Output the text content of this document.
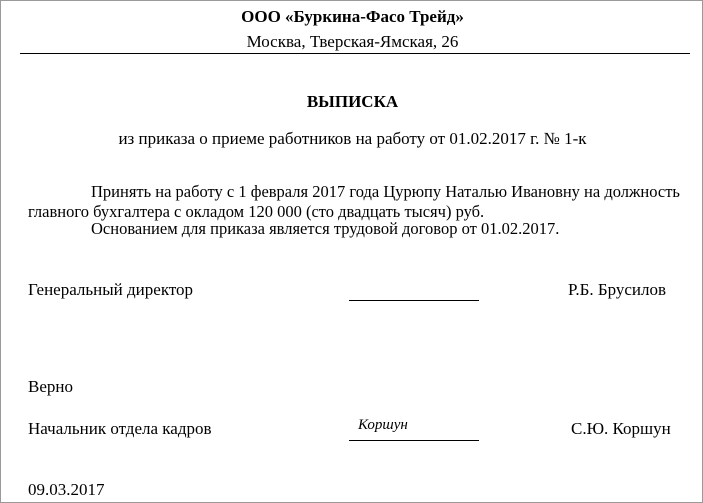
ООО «Буркина-Фасо Трейд»
Москва, Тверская-Ямская, 26
ВЫПИСКА
из приказа о приеме работников на работу от 01.02.2017 г. № 1-к
Принять на работу с 1 февраля 2017 года Цурюпу Наталью Ивановну на должность
главного бухгалтера с окладом 120 000 (сто двадцать тысяч) руб.
Основанием для приказа является трудовой договор от 01.02.2017.
Генеральный директор	Р.Б. Брусилов
Верно
Начальник отдела кадров	Коршун	С.Ю. Коршун
09.03.2017
